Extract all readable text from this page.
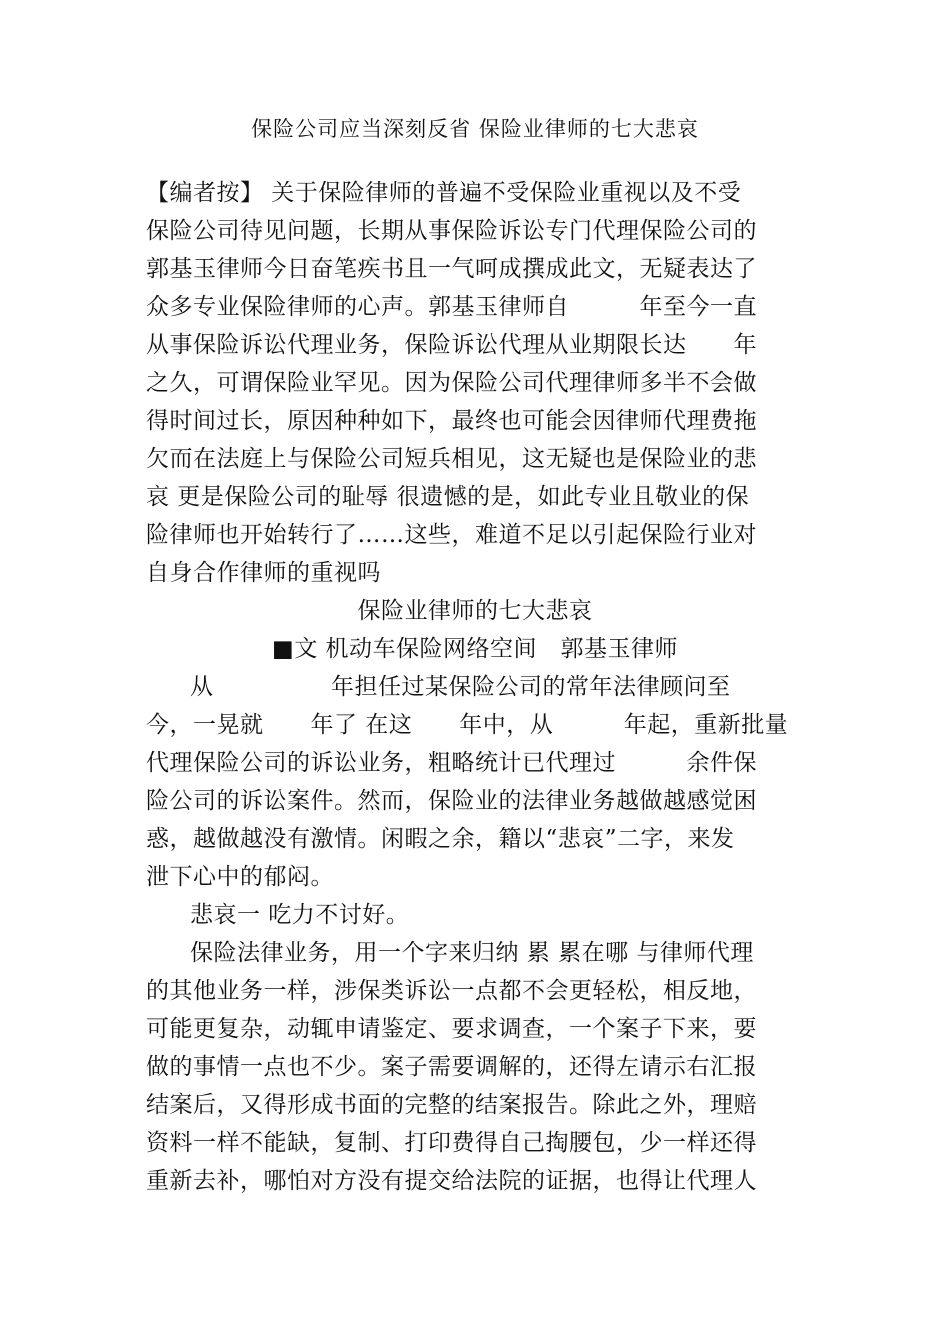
保险公司应当深刻反省 保险业律师的七大悲哀
【编者按】 关于保险律师的普遍不受保险业重视以及不受
保险公司待见问题，长期从事保险诉讼专门代理保险公司的
郭基玉律师今日奋笔疾书且一气呵成撰成此文，无疑表达了
众多专业保险律师的心声。郭基玉律师自　　　年至今一直
从事保险诉讼代理业务，保险诉讼代理从业期限长达　　年
之久，可谓保险业罕见。因为保险公司代理律师多半不会做
得时间过长，原因种种如下，最终也可能会因律师代理费拖
欠而在法庭上与保险公司短兵相见，这无疑也是保险业的悲
哀 更是保险公司的耻辱 很遗憾的是，如此专业且敬业的保
险律师也开始转行了……这些，难道不足以引起保险行业对
自身合作律师的重视吗
保险业律师的七大悲哀
■文 机动车保险网络空间　郭基玉律师
从　　　　　年担任过某保险公司的常年法律顾问至
今，一晃就　　年了 在这　　年中，从　　　年起，重新批量
代理保险公司的诉讼业务，粗略统计已代理过　　　余件保
险公司的诉讼案件。然而，保险业的法律业务越做越感觉困
惑，越做越没有激情。闲暇之余，籍以“悲哀”二字，来发
泄下心中的郁闷。
悲哀一 吃力不讨好。
保险法律业务，用一个字来归纳 累 累在哪 与律师代理
的其他业务一样，涉保类诉讼一点都不会更轻松，相反地，
可能更复杂，动辄申请鉴定、要求调查，一个案子下来，要
做的事情一点也不少。案子需要调解的，还得左请示右汇报
结案后，又得形成书面的完整的结案报告。除此之外，理赔
资料一样不能缺，复制、打印费得自己掏腰包，少一样还得
重新去补，哪怕对方没有提交给法院的证据，也得让代理人
